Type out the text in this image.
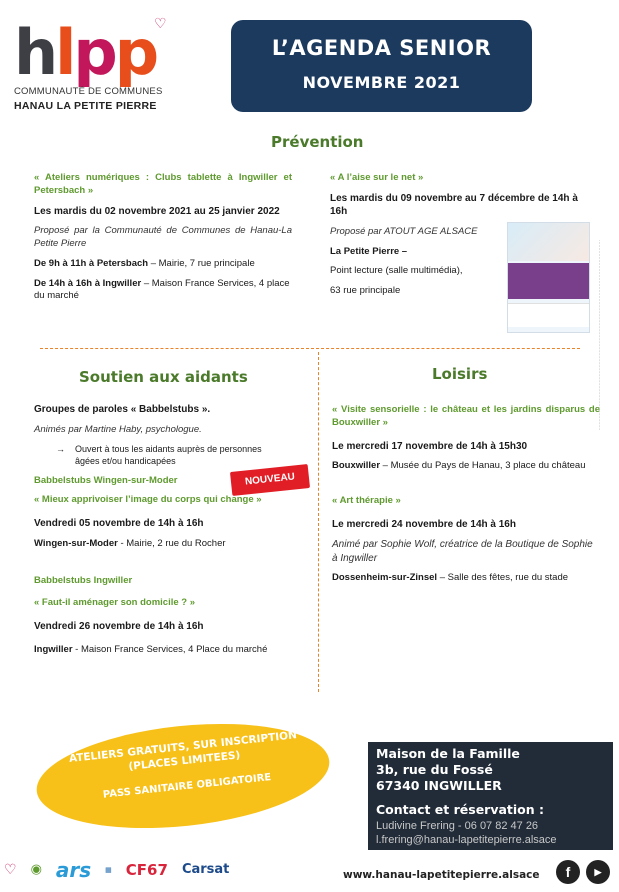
h l p p
♡
COMMUNAUTÉ DE COMMUNES
HANAU LA PETITE PIERRE
L’AGENDA SENIOR
NOVEMBRE 2021
Prévention

« Ateliers numériques : Clubs tablette à Ingwiller et Petersbach »

Les mardis du 02 novembre 2021 au 25 janvier 2022

Proposé par la Communauté de Communes de Hanau-La Petite Pierre

De 9h à 11h à Petersbach – Mairie, 7 rue principale

De 14h à 16h à Ingwiller – Maison France Services, 4 place du marché

« A l’aise sur le net »

Les mardis du 09 novembre au 7 décembre de 14h à 16h

Proposé par ATOUT AGE ALSACE

La Petite Pierre –

Point lecture (salle multimédia),

63 rue principale

Soutien aux aidants

Groupes de paroles « Babbelstubs ».

Animés par Martine Haby, psychologue.

→ Ouvert à tous les aidants auprès de personnes âgées et/ou handicapées

Babbelstubs Wingen-sur-Moder

« Mieux apprivoiser l’image du corps qui change »

Vendredi 05 novembre de 14h à 16h

Wingen-sur-Moder - Mairie, 2 rue du Rocher

Babbelstubs Ingwiller

« Faut-il aménager son domicile ? »

Vendredi 26 novembre de 14h à 16h

Ingwiller - Maison France Services, 4 Place du marché

NOUVEAU
Loisirs

« Visite sensorielle : le château et les jardins disparus de Bouxwiller »

Le mercredi 17 novembre de 14h à 15h30

Bouxwiller – Musée du Pays de Hanau, 3 place du château

« Art thérapie »

Le mercredi 24 novembre de 14h à 16h

Animé par Sophie Wolf, créatrice de la Boutique de Sophie à Ingwiller

Dossenheim-sur-Zinsel – Salle des fêtes, rue du stade

·······························································································································
ATELIERS GRATUITS, SUR INSCRIPTION (PLACES LIMITEES)
PASS SANITAIRE OBLIGATOIRE
Maison de la Famille
3b, rue du Fossé
67340 INGWILLER
Contact et réservation :
Ludivine Frering - 06 07 82 47 26
l.frering@hanau-lapetitepierre.alsace
♡ ◉ ars ▦ CF67 Carsat	www.hanau-lapetitepierre.alsace	f	▶
